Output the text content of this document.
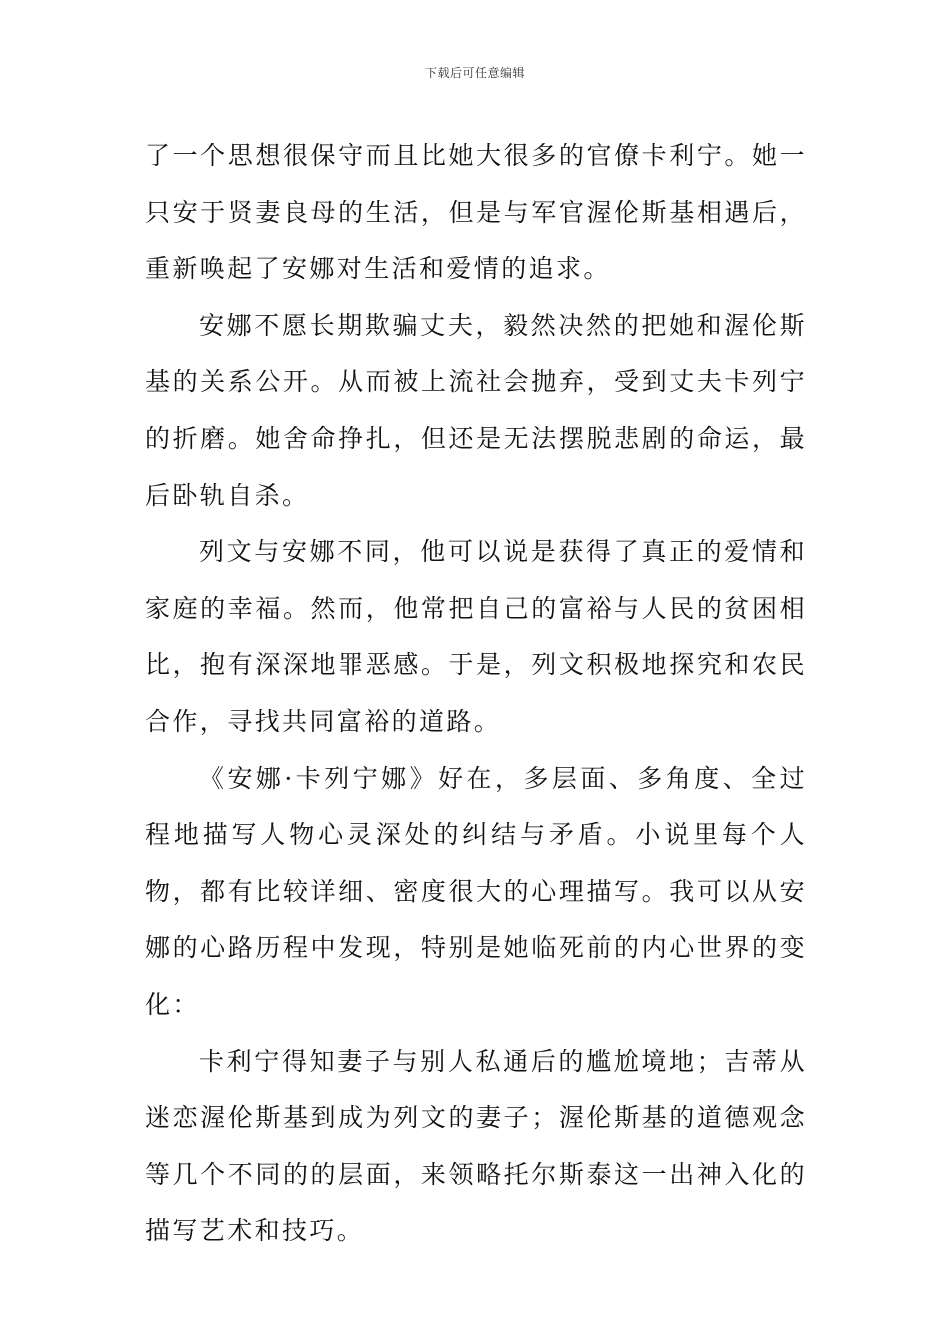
下载后可任意编辑

了一个思想很保守而且比她大很多的官僚卡利宁。她一只安于贤妻良母的生活，但是与军官渥伦斯基相遇后，重新唤起了安娜对生活和爱情的追求。

安娜不愿长期欺骗丈夫，毅然决然的把她和渥伦斯基的关系公开。从而被上流社会抛弃，受到丈夫卡列宁的折磨。她舍命挣扎，但还是无法摆脱悲剧的命运，最后卧轨自杀。

列文与安娜不同，他可以说是获得了真正的爱情和家庭的幸福。然而，他常把自己的富裕与人民的贫困相比，抱有深深地罪恶感。于是，列文积极地探究和农民合作，寻找共同富裕的道路。

《安娜·卡列宁娜》好在，多层面、多角度、全过程地描写人物心灵深处的纠结与矛盾。小说里每个人物，都有比较详细、密度很大的心理描写。我可以从安娜的心路历程中发现，特别是她临死前的内心世界的变化：

卡利宁得知妻子与别人私通后的尴尬境地；吉蒂从迷恋渥伦斯基到成为列文的妻子；渥伦斯基的道德观念等几个不同的的层面，来领略托尔斯泰这一出神入化的描写艺术和技巧。
